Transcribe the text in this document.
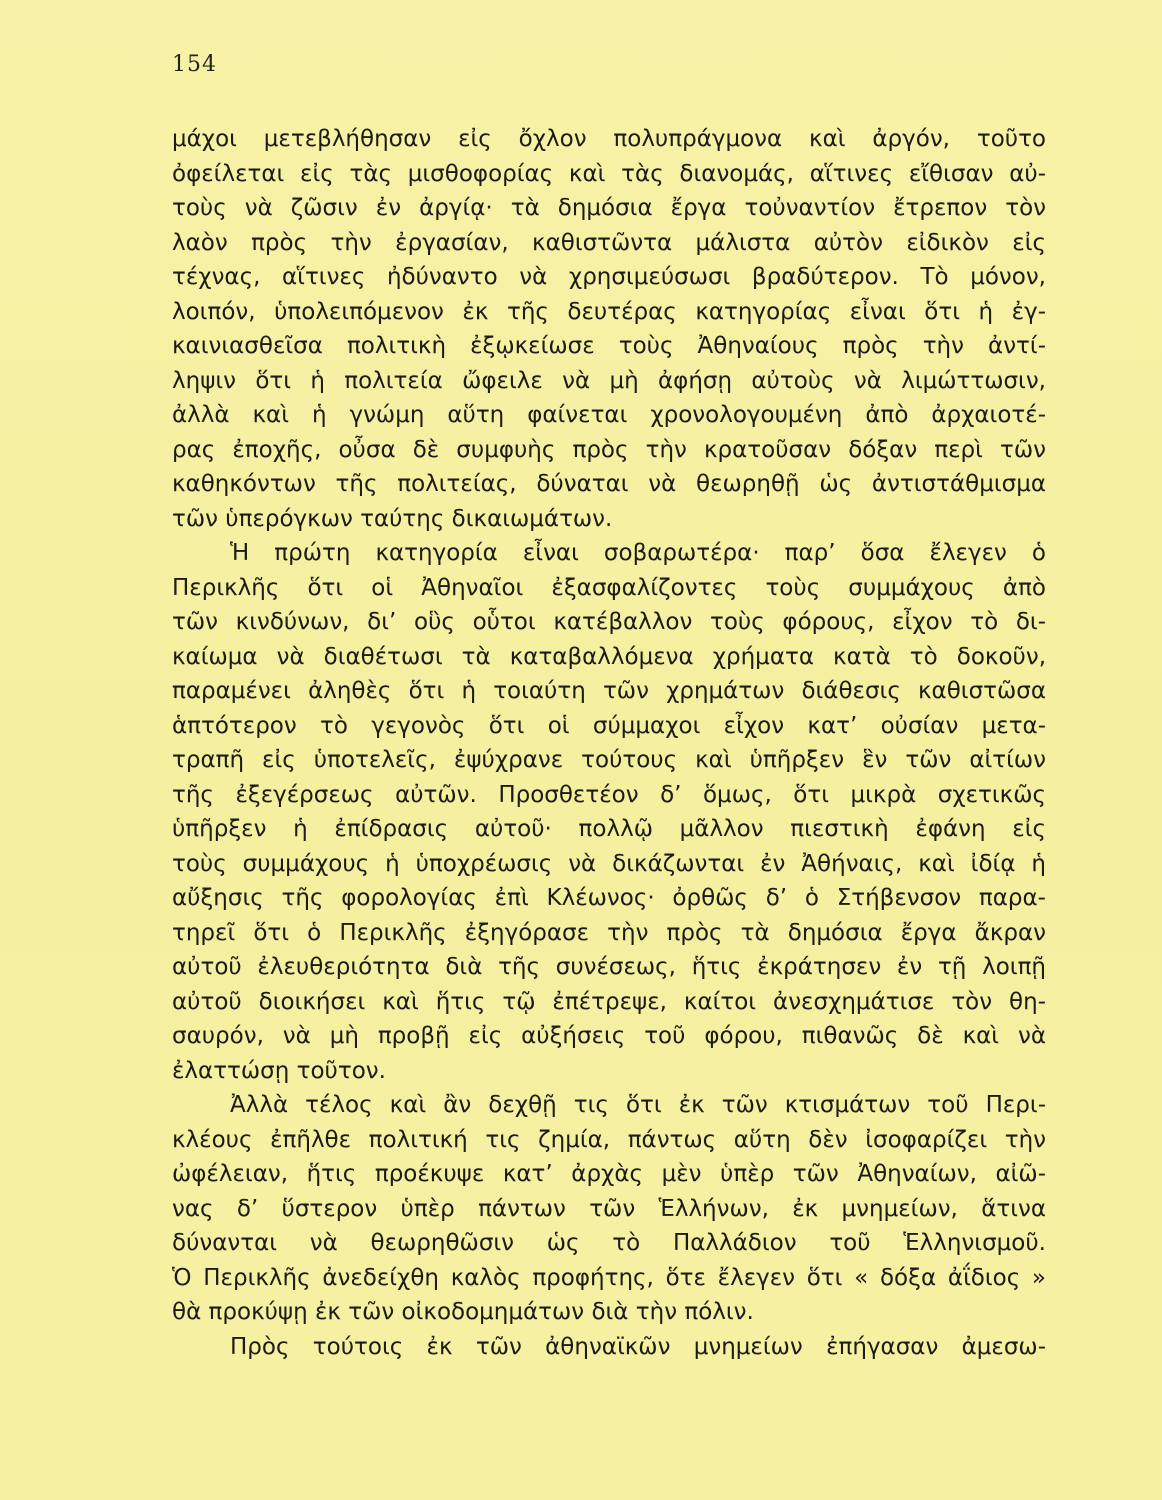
154
μάχοι μετεβλήθησαν εἰς ὄχλον πολυπράγμονα καὶ ἀργόν, τοῦτο
ὀφείλεται εἰς τὰς μισθοφορίας καὶ τὰς διανομάς, αἵτινες εἴθισαν αὐ-
τοὺς νὰ ζῶσιν ἐν ἀργίᾳ· τὰ δημόσια ἔργα τοὐναντίον ἔτρεπον τὸν
λαὸν πρὸς τὴν ἐργασίαν, καθιστῶντα μάλιστα αὐτὸν εἰδικὸν εἰς
τέχνας, αἵτινες ἠδύναντο νὰ χρησιμεύσωσι βραδύτερον. Τὸ μόνον,
λοιπόν, ὑπολειπόμενον ἐκ τῆς δευτέρας κατηγορίας εἶναι ὅτι ἡ ἐγ-
καινιασθεῖσα πολιτικὴ ἐξῳκείωσε τοὺς Ἀθηναίους πρὸς τὴν ἀντί-
ληψιν ὅτι ἡ πολιτεία ὤφειλε νὰ μὴ ἀφήσῃ αὐτοὺς νὰ λιμώττωσιν,
ἀλλὰ καὶ ἡ γνώμη αὕτη φαίνεται χρονολογουμένη ἀπὸ ἀρχαιοτέ-
ρας ἐποχῆς, οὖσα δὲ συμφυὴς πρὸς τὴν κρατοῦσαν δόξαν περὶ τῶν
καθηκόντων τῆς πολιτείας, δύναται νὰ θεωρηθῇ ὡς ἀντιστάθμισμα
τῶν ὑπερόγκων ταύτης δικαιωμάτων.
Ἡ πρώτη κατηγορία εἶναι σοβαρωτέρα· παρ’ ὅσα ἔλεγεν ὁ
Περικλῆς ὅτι οἱ Ἀθηναῖοι ἐξασφαλίζοντες τοὺς συμμάχους ἀπὸ
τῶν κινδύνων, δι’ οὓς οὗτοι κατέβαλλον τοὺς φόρους, εἶχον τὸ δι-
καίωμα νὰ διαθέτωσι τὰ καταβαλλόμενα χρήματα κατὰ τὸ δοκοῦν,
παραμένει ἀληθὲς ὅτι ἡ τοιαύτη τῶν χρημάτων διάθεσις καθιστῶσα
ἁπτότερον τὸ γεγονὸς ὅτι οἱ σύμμαχοι εἶχον κατ’ οὐσίαν μετα-
τραπῆ εἰς ὑποτελεῖς, ἐψύχρανε τούτους καὶ ὑπῆρξεν ἓν τῶν αἰτίων
τῆς ἐξεγέρσεως αὐτῶν. Προσθετέον δ’ ὅμως, ὅτι μικρὰ σχετικῶς
ὑπῆρξεν ἡ ἐπίδρασις αὐτοῦ· πολλῷ μᾶλλον πιεστικὴ ἐφάνη εἰς
τοὺς συμμάχους ἡ ὑποχρέωσις νὰ δικάζωνται ἐν Ἀθήναις, καὶ ἰδίᾳ ἡ
αὔξησις τῆς φορολογίας ἐπὶ Κλέωνος· ὀρθῶς δ’ ὁ Στήβενσον παρα-
τηρεῖ ὅτι ὁ Περικλῆς ἐξηγόρασε τὴν πρὸς τὰ δημόσια ἔργα ἄκραν
αὐτοῦ ἐλευθεριότητα διὰ τῆς συνέσεως, ἥτις ἐκράτησεν ἐν τῇ λοιπῇ
αὐτοῦ διοικήσει καὶ ἥτις τῷ ἐπέτρεψε, καίτοι ἀνεσχημάτισε τὸν θη-
σαυρόν, νὰ μὴ προβῇ εἰς αὐξήσεις τοῦ φόρου, πιθανῶς δὲ καὶ νὰ
ἐλαττώσῃ τοῦτον.
Ἀλλὰ τέλος καὶ ἂν δεχθῇ τις ὅτι ἐκ τῶν κτισμάτων τοῦ Περι-
κλέους ἐπῆλθε πολιτική τις ζημία, πάντως αὕτη δὲν ἰσοφαρίζει τὴν
ὠφέλειαν, ἥτις προέκυψε κατ’ ἀρχὰς μὲν ὑπὲρ τῶν Ἀθηναίων, αἰῶ-
νας δ’ ὕστερον ὑπὲρ πάντων τῶν Ἑλλήνων, ἐκ μνημείων, ἅτινα
δύνανται νὰ θεωρηθῶσιν ὡς τὸ Παλλάδιον τοῦ Ἑλληνισμοῦ.
Ὁ Περικλῆς ἀνεδείχθη καλὸς προφήτης, ὅτε ἔλεγεν ὅτι « δόξα ἀΐδιος »
θὰ προκύψῃ ἐκ τῶν οἰκοδομημάτων διὰ τὴν πόλιν.
Πρὸς τούτοις ἐκ τῶν ἀθηναϊκῶν μνημείων ἐπήγασαν ἀμεσω-
